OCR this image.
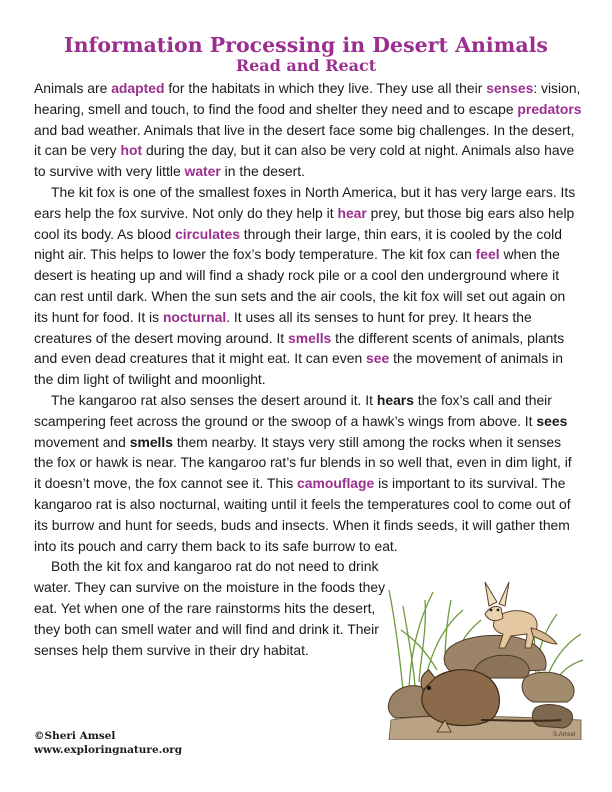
Information Processing in Desert Animals
Read and React

Animals are adapted for the habitats in which they live. They use all their senses: vision, hearing, smell and touch, to find the food and shelter they need and to escape predators and bad weather. Animals that live in the desert face some big challenges. In the desert, it can be very hot during the day, but it can also be very cold at night. Animals also have to survive with very little water in the desert.

The kit fox is one of the smallest foxes in North America, but it has very large ears. Its ears help the fox survive. Not only do they help it hear prey, but those big ears also help cool its body. As blood circulates through their large, thin ears, it is cooled by the cold night air. This helps to lower the fox’s body temperature. The kit fox can feel when the desert is heating up and will find a shady rock pile or a cool den underground where it can rest until dark. When the sun sets and the air cools, the kit fox will set out again on its hunt for food. It is nocturnal. It uses all its senses to hunt for prey. It hears the creatures of the desert moving around. It smells the different scents of animals, plants and even dead creatures that it might eat. It can even see the movement of animals in the dim light of twilight and moonlight.

The kangaroo rat also senses the desert around it. It hears the fox’s call and their scampering feet across the ground or the swoop of a hawk’s wings from above. It sees movement and smells them nearby. It stays very still among the rocks when it senses the fox or hawk is near. The kangaroo rat’s fur blends in so well that, even in dim light, if it doesn’t move, the fox cannot see it. This camouflage is important to its survival. The kangaroo rat is also nocturnal, waiting until it feels the temperatures cool to come out of its burrow and hunt for seeds, buds and insects. When it finds seeds, it will gather them into its pouch and carry them back to its safe burrow to eat.

Both the kit fox and kangaroo rat do not need to drink water. They can survive on the moisture in the foods they eat. Yet when one of the rare rainstorms hits the desert, they both can smell water and will find and drink it. Their senses help them survive in their dry habitat.

S.Amsel
©Sheri Amsel
www.exploringnature.org
